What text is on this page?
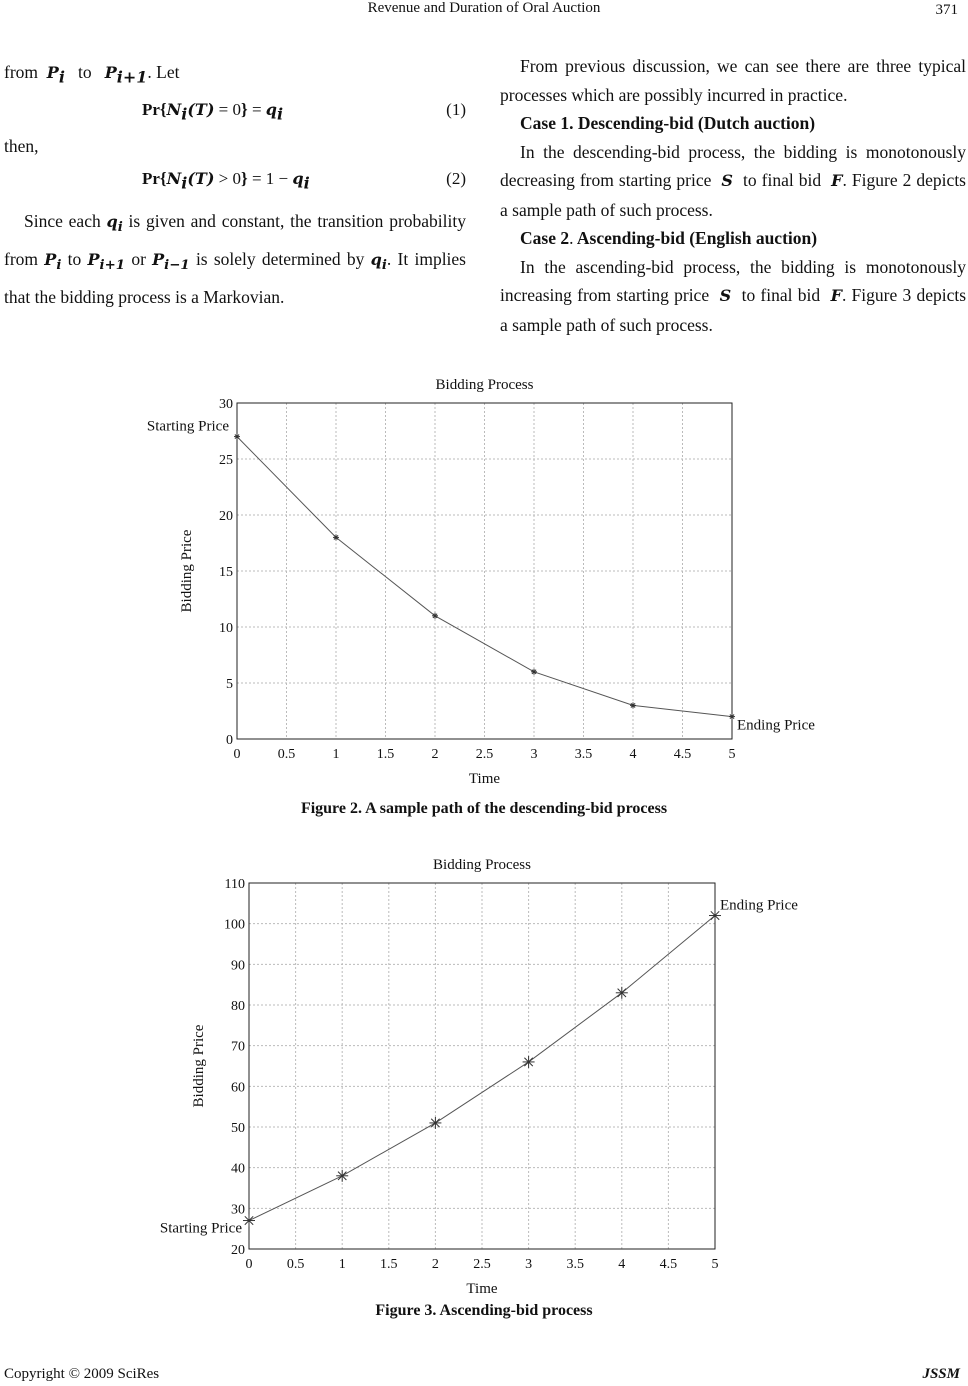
Revenue and Duration of Oral Auction	371

from $P_i$ to $P_{i+1}$. Let

$Pr\{N_i(T) = 0\} = q_i$	(1)

then,

$Pr\{N_i(T) > 0\} = 1 - q_i$	(2)

Since each $q_i$ is given and constant, the transition probability from $P_i$ to $P_{i+1}$ or $P_{i-1}$ is solely determined by $q_i$. It implies that the bidding process is a Markovian.

From previous discussion, we can see there are three typical processes which are possibly incurred in practice.

Case 1. Descending-bid (Dutch auction)

In the descending-bid process, the bidding is monotonously decreasing from starting price S to final bid F. Figure 2 depicts a sample path of such process.

Case 2. Ascending-bid (English auction)

In the ascending-bid process, the bidding is monotonously increasing from starting price S to final bid F. Figure 3 depicts a sample path of such process.

Bidding Process
0	0.5	1	1.5	2	2.5	3	3.5	4	4.5	5
0
5
10
15
20
25
30
Time
Bidding Price
Starting Price
Ending Price
Figure 2. A sample path of the descending-bid process
Bidding Process
0 0.5 1 1.5 2 2.5 3 3.5 4 4.5 5
20
30
40
50
60
70
80
90
100
110
Time
Bidding Price
Starting Price
Ending Price
Figure 3. Ascending-bid process
Copyright © 2009 SciRes	JSSM
